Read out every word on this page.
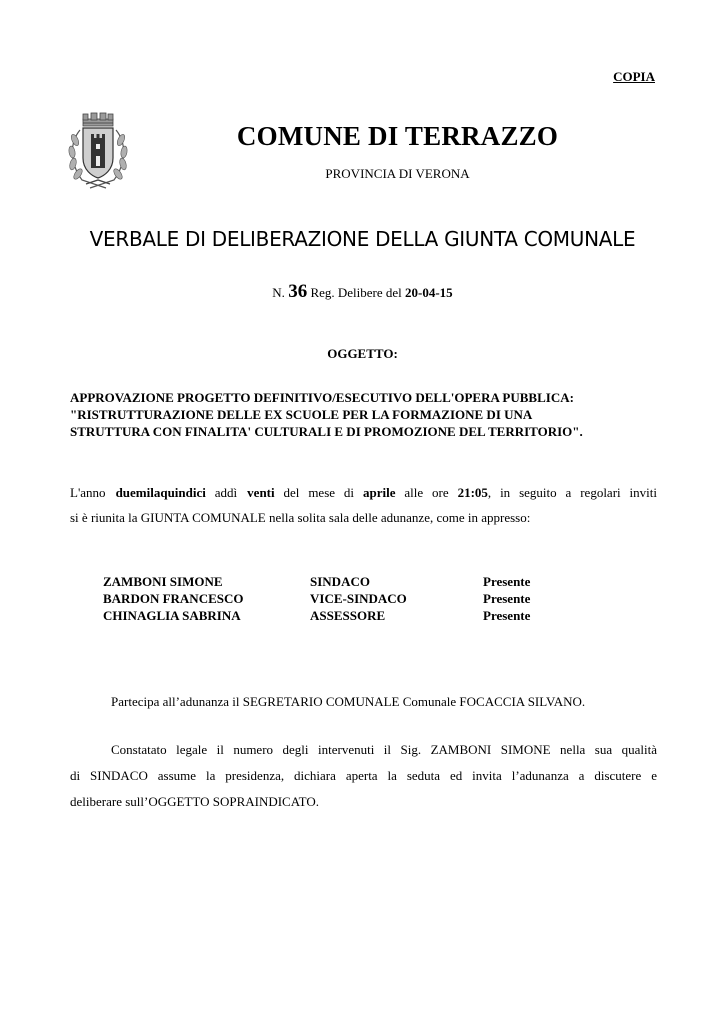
COPIA
COMUNE DI TERRAZZO
PROVINCIA DI VERONA
VERBALE DI DELIBERAZIONE DELLA GIUNTA COMUNALE
N. 36 Reg. Delibere del 20-04-15
OGGETTO:
APPROVAZIONE PROGETTO DEFINITIVO/ESECUTIVO DELL'OPERA PUBBLICA:
"RISTRUTTURAZIONE DELLE EX SCUOLE PER LA FORMAZIONE DI UNA
STRUTTURA CON FINALITA' CULTURALI E DI PROMOZIONE DEL TERRITORIO".
L'anno duemilaquindici addì venti del mese di aprile alle ore 21:05, in seguito a regolari inviti
si è riunita la GIUNTA COMUNALE nella solita sala delle adunanze, come in appresso:
ZAMBONI SIMONE	SINDACO	Presente
BARDON FRANCESCO	VICE-SINDACO	Presente
CHINAGLIA SABRINA	ASSESSORE	Presente
Partecipa all’adunanza il SEGRETARIO COMUNALE Comunale FOCACCIA SILVANO.
Constatato legale il numero degli intervenuti il Sig. ZAMBONI SIMONE nella sua qualità
di SINDACO assume la presidenza, dichiara aperta la seduta ed invita l’adunanza a discutere e
deliberare sull’OGGETTO SOPRAINDICATO.
